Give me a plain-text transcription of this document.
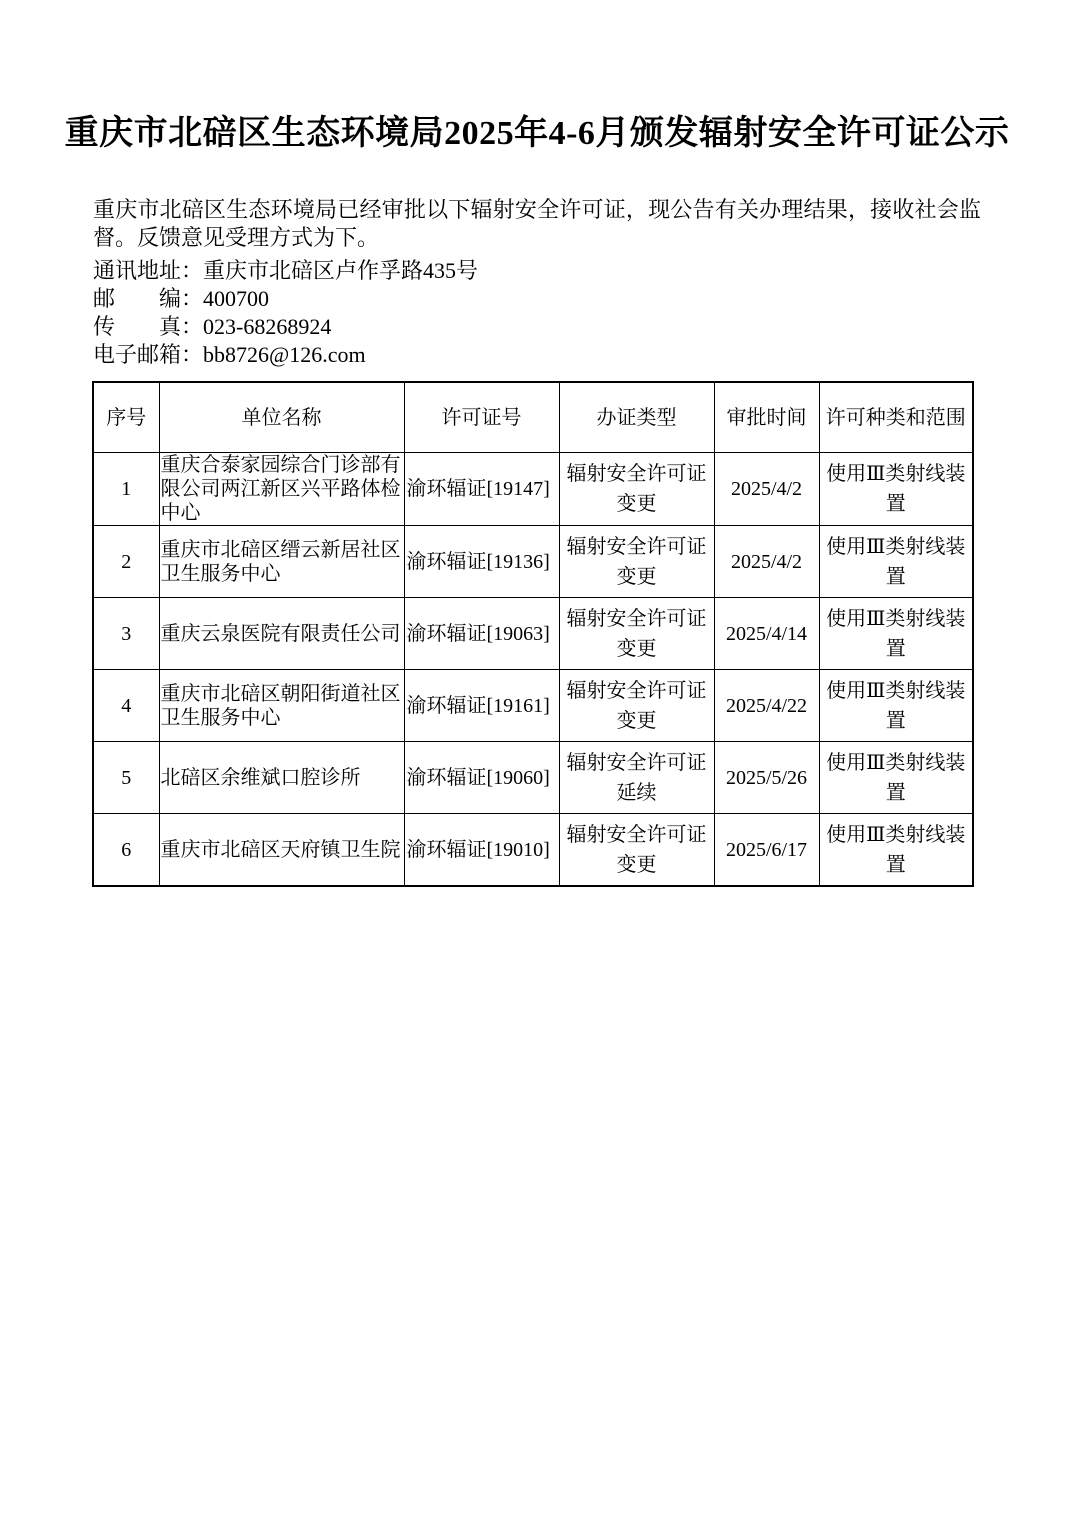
重庆市北碚区生态环境局2025年4-6月颁发辐射安全许可证公示

重庆市北碚区生态环境局已经审批以下辐射安全许可证，现公告有关办理结果，接收社会监督。反馈意见受理方式为下。

通讯地址：重庆市北碚区卢作孚路435号
邮　　编：400700
传　　真：023-68268924
电子邮箱：bb8726@126.com
序号	单位名称	许可证号	办证类型	审批时间	许可种类和范围
1	重庆合泰家园综合门诊部有限公司两江新区兴平路体检中心	渝环辐证[19147]	辐射安全许可证变更	2025/4/2	使用Ⅲ类射线装置
2	重庆市北碚区缙云新居社区卫生服务中心	渝环辐证[19136]	辐射安全许可证变更	2025/4/2	使用Ⅲ类射线装置
3	重庆云泉医院有限责任公司	渝环辐证[19063]	辐射安全许可证变更	2025/4/14	使用Ⅲ类射线装置
4	重庆市北碚区朝阳街道社区卫生服务中心	渝环辐证[19161]	辐射安全许可证变更	2025/4/22	使用Ⅲ类射线装置
5	北碚区余维斌口腔诊所	渝环辐证[19060]	辐射安全许可证延续	2025/5/26	使用Ⅲ类射线装置
6	重庆市北碚区天府镇卫生院	渝环辐证[19010]	辐射安全许可证变更	2025/6/17	使用Ⅲ类射线装置
